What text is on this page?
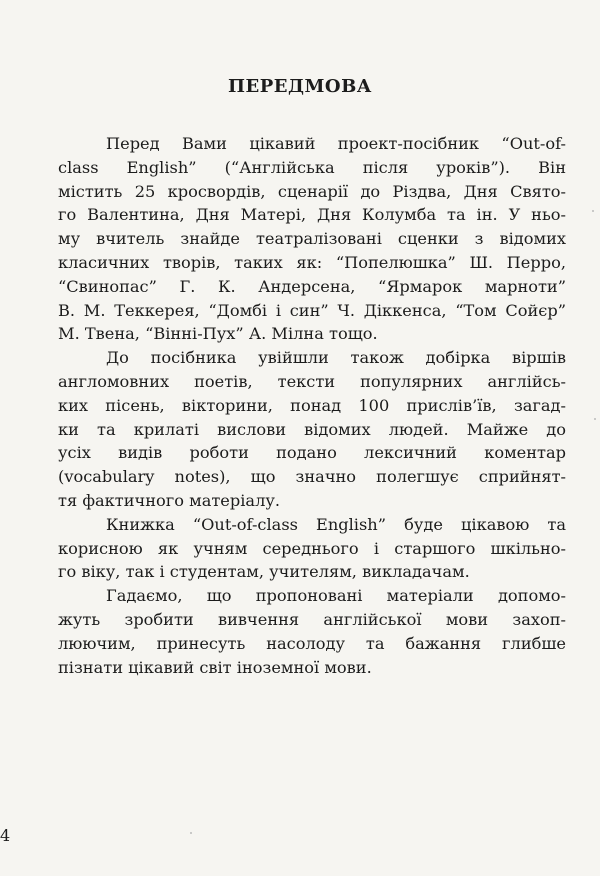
ПЕРЕДМОВА
Перед Вами цікавий проект-посібник “Out-of-
class English” (“Англійська після уроків”). Він
містить 25 кросвордів, сценарії до Різдва, Дня Свято-
го Валентина, Дня Матері, Дня Колумба та ін. У ньо-
му вчитель знайде театралізовані сценки з відомих
класичних творів, таких як: “Попелюшка” Ш. Перро,
“Свинопас” Г. К. Андерсена, “Ярмарок марноти”
В. М. Теккерея, “Домбі і син” Ч. Діккенса, “Том Сойєр”
М. Твена, “Вінні-Пух” А. Мілна тощо.
До посібника увійшли також добірка віршів
англомовних поетів, тексти популярних англійсь-
ких пісень, вікторини, понад 100 прислів’їв, загад-
ки та крилаті вислови відомих людей. Майже до
усіх видів роботи подано лексичний коментар
(vocabulary notes), що значно полегшує сприйнят-
тя фактичного матеріалу.
Книжка “Out-of-class English” буде цікавою та
корисною як учням середнього і старшого шкільно-
го віку, так і студентам, учителям, викладачам.
Гадаємо, що пропоновані матеріали допомо-
жуть зробити вивчення англійської мови захоп-
люючим, принесуть насолоду та бажання глибше
пізнати цікавий світ іноземної мови.
4
